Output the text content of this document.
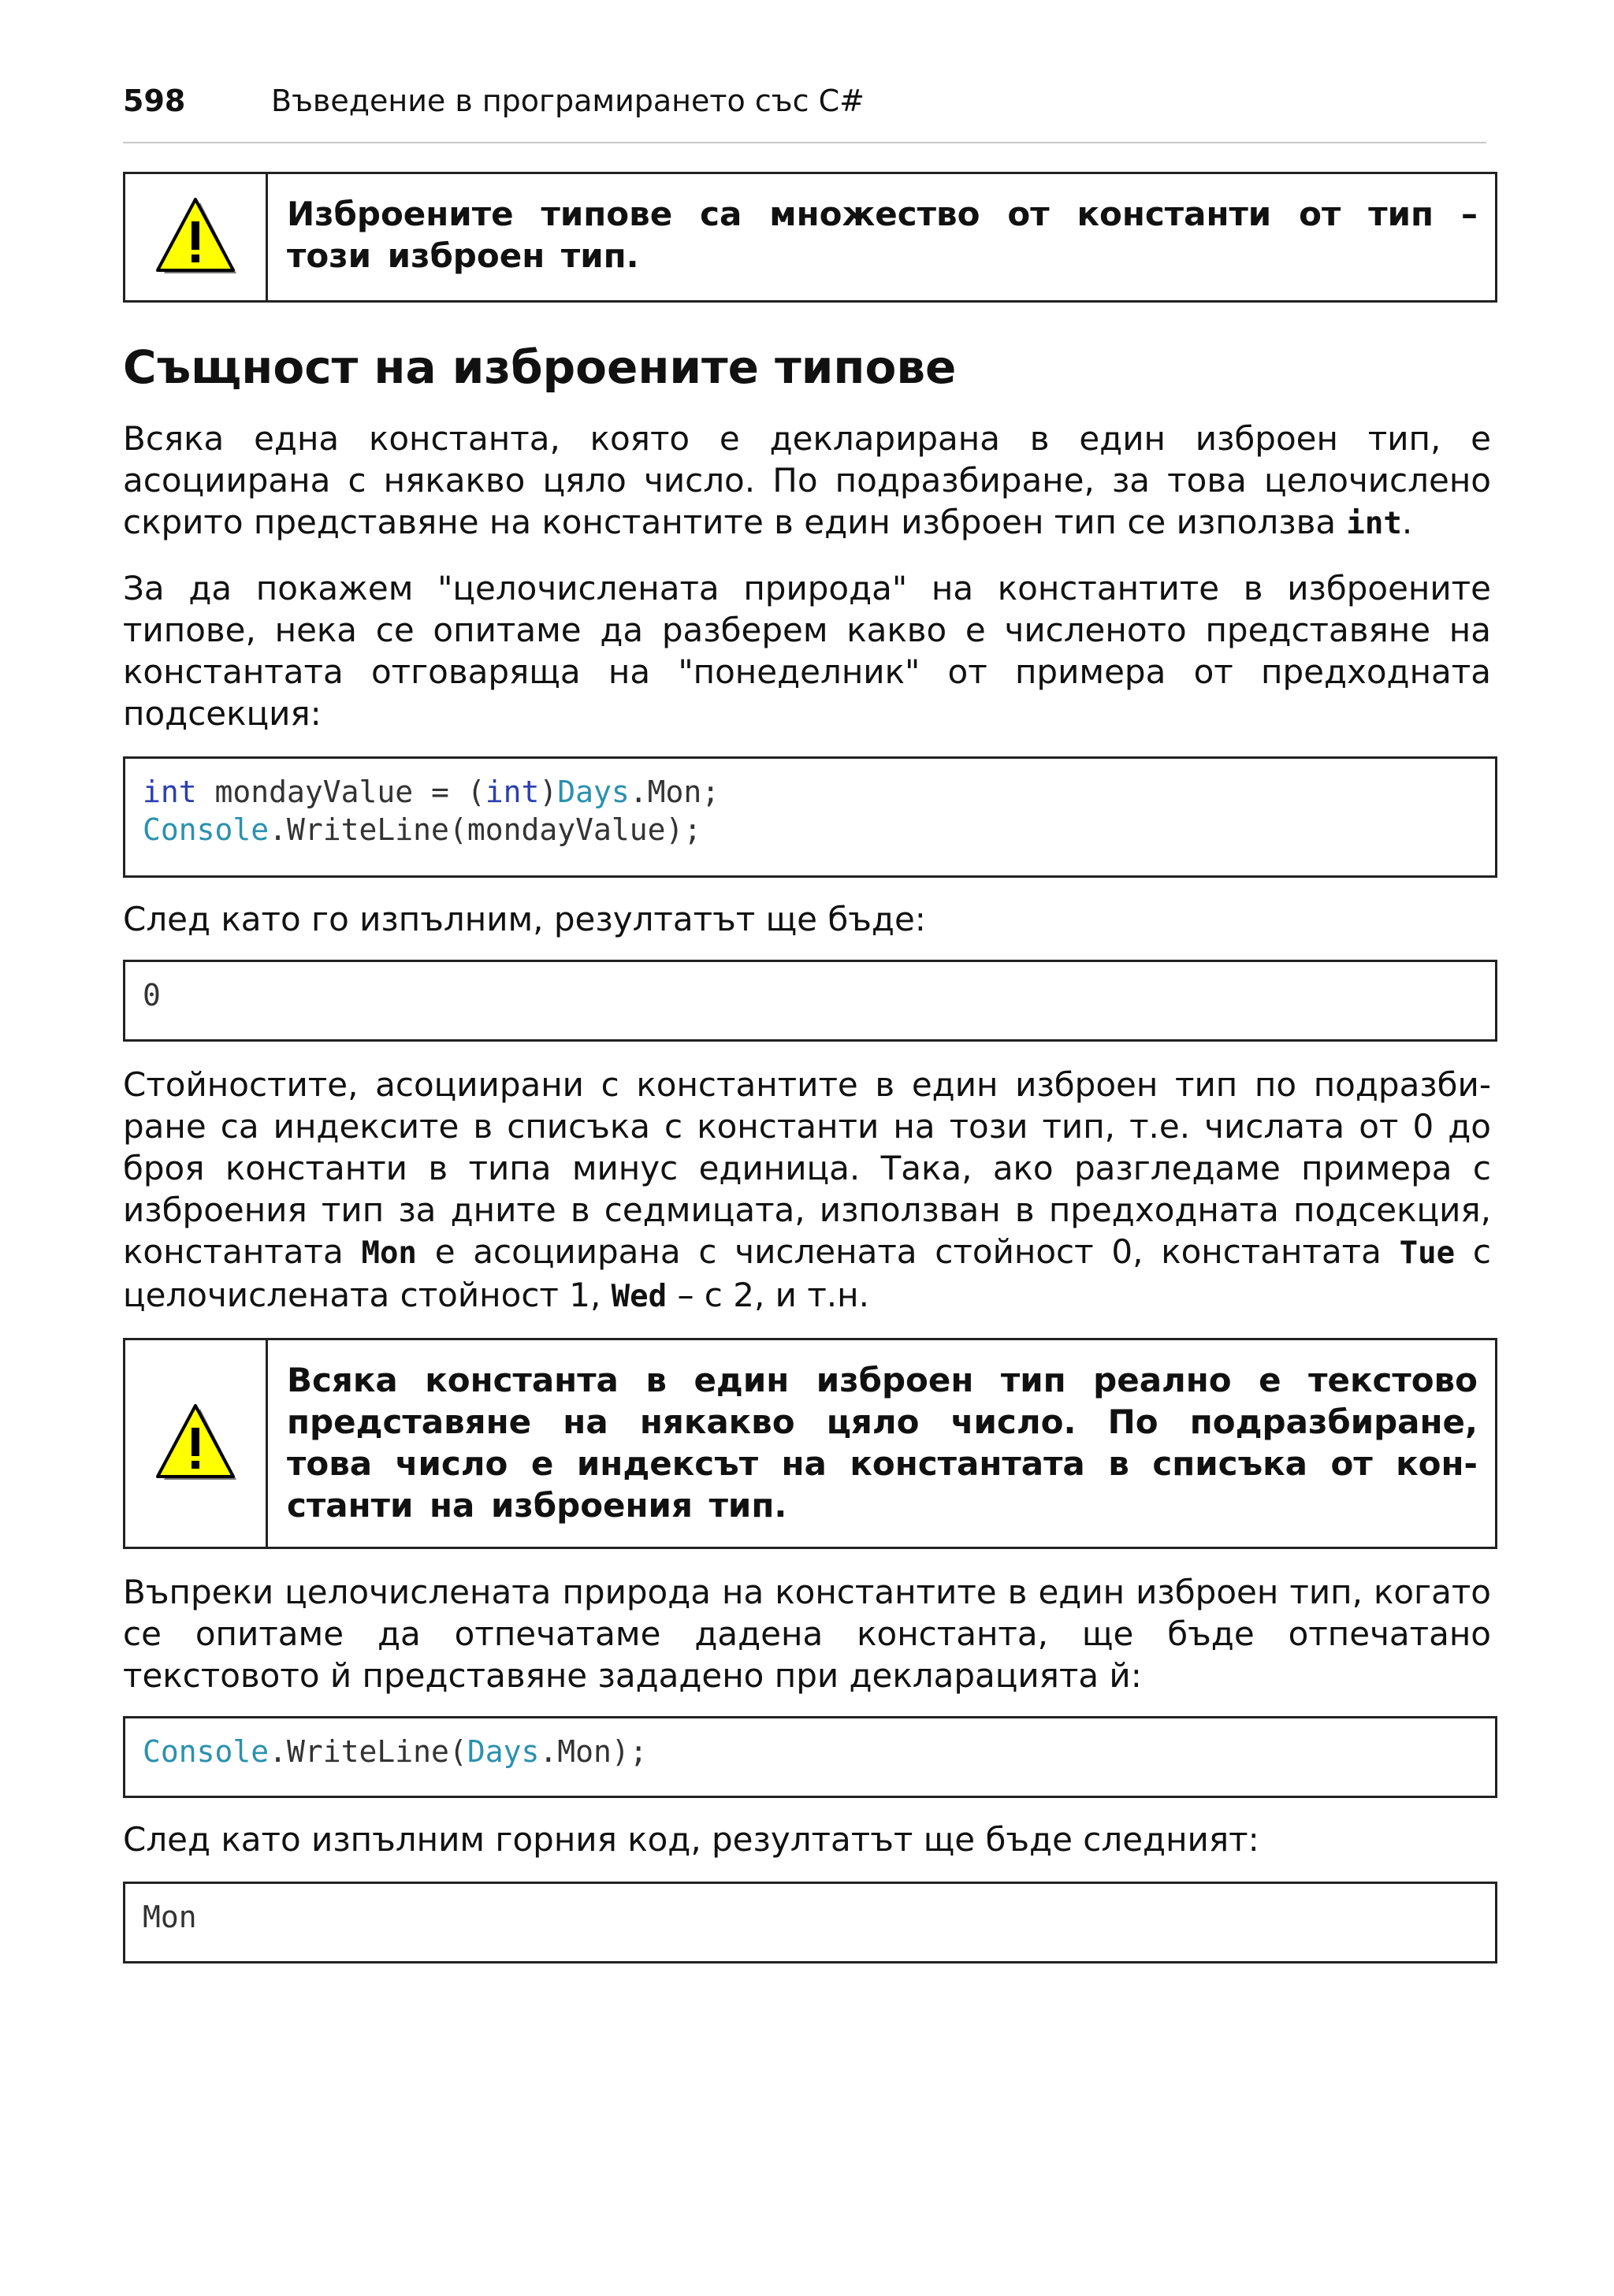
598	Въведение в програмирането със C#
Изброените типове са множество от константи от тип – този изброен тип.
Същност на изброените типове
Всяка една константа, която е декларирана в един изброен тип, е асоциирана с някакво цяло число. По подразбиране, за това целочислено скрито представяне на константите в един изброен тип се използва int.
За да покажем "целочислената природа" на константите в изброените типове, нека се опитаме да разберем какво е численото представяне на константата отговаряща на "понеделник" от примера от предходната подсекция:
int mondayValue = (int)Days.Mon;
Console.WriteLine(mondayValue);
След като го изпълним, резултатът ще бъде:
0
Стойностите, асоциирани с константите в един изброен тип по подразби-ране са индексите в списъка с константи на този тип, т.е. числата от 0 до броя константи в типа минус единица. Така, ако разгледаме примера с изброения тип за дните в седмицата, използван в предходната подсекция, константата Mon е асоциирана с числената стойност 0, константата Tue с целочислената стойност 1, Wed – с 2, и т.н.
Всяка константа в един изброен тип реално е текстово представяне на някакво цяло число. По подразбиране, това число е индексът на константата в списъка от кон-станти на изброения тип.
Въпреки целочислената природа на константите в един изброен тип, когато се опитаме да отпечатаме дадена константа, ще бъде отпечатано текстовото й представяне зададено при декларацията й:
Console.WriteLine(Days.Mon);
След като изпълним горния код, резултатът ще бъде следният:
Mon
